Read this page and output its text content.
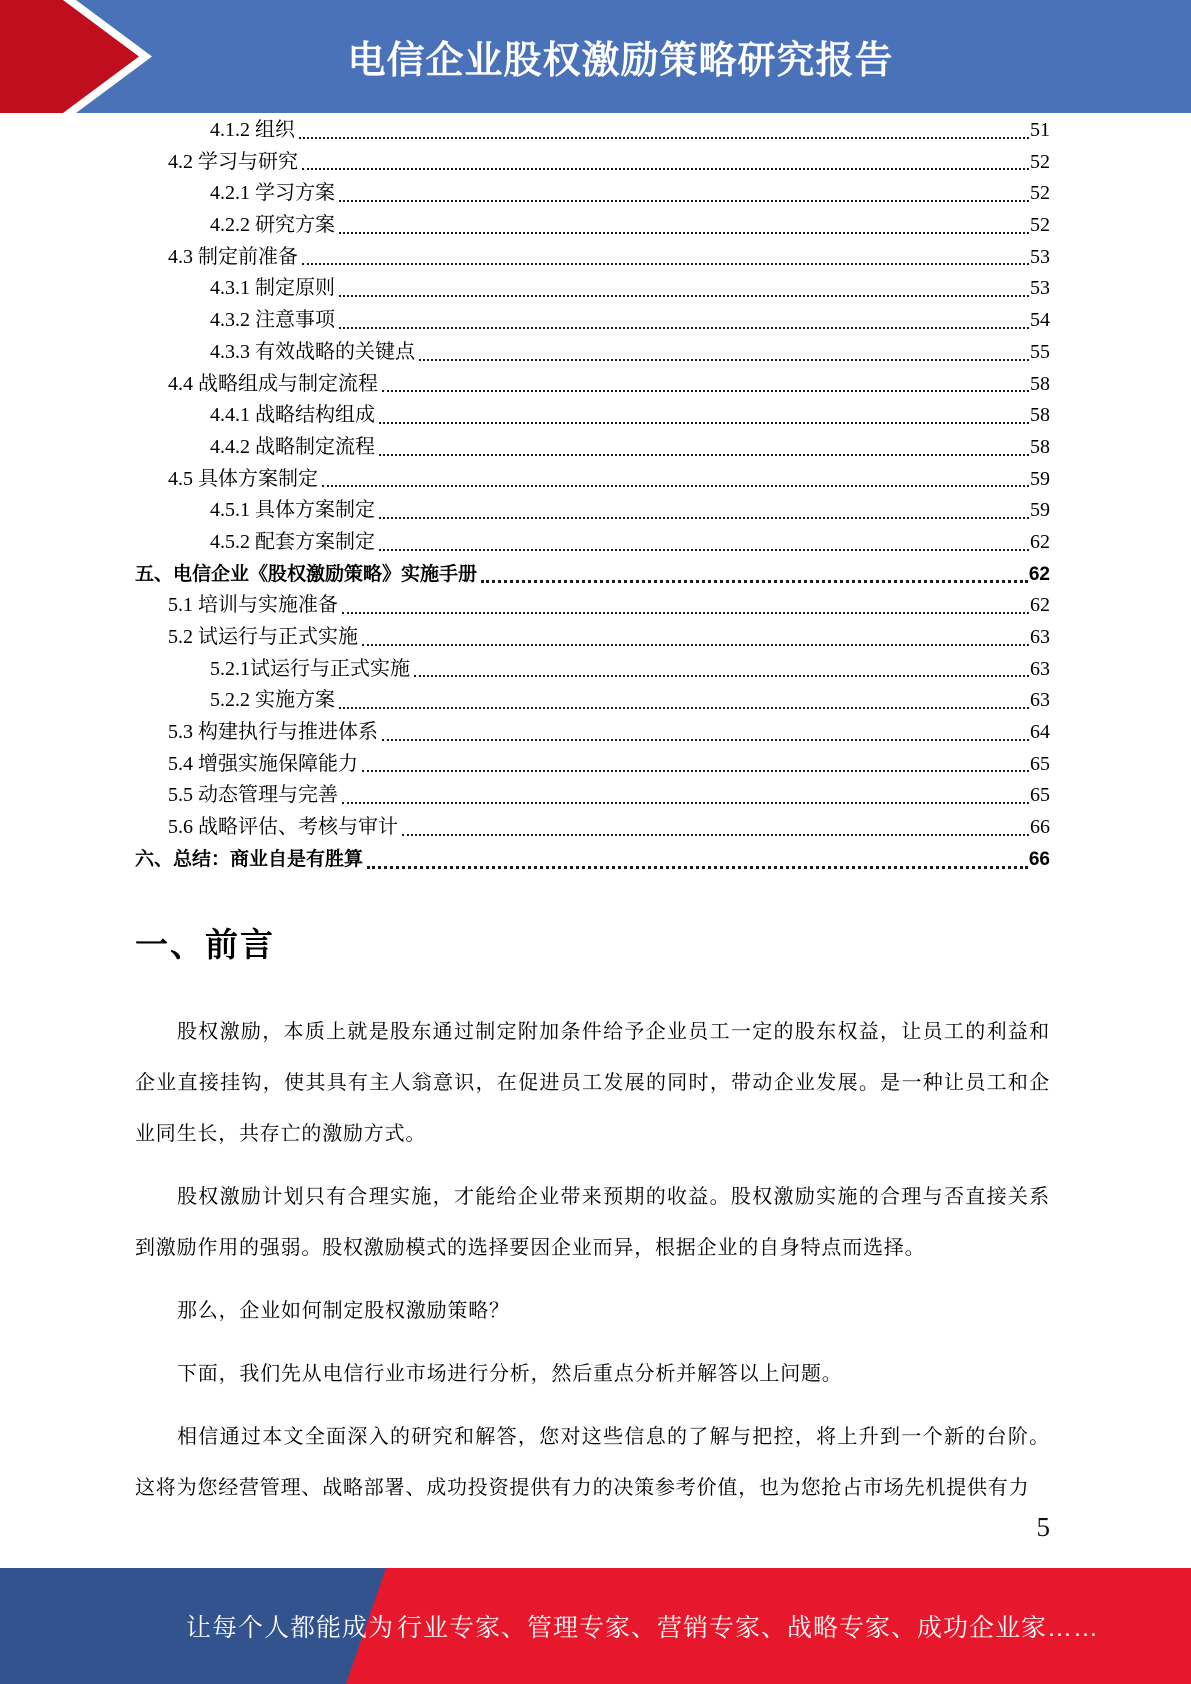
电信企业股权激励策略研究报告
4.1.2 组织	51
4.2 学习与研究	52
4.2.1 学习方案	52
4.2.2 研究方案	52
4.3 制定前准备	53
4.3.1 制定原则	53
4.3.2 注意事项	54
4.3.3 有效战略的关键点	55
4.4 战略组成与制定流程	58
4.4.1 战略结构组成	58
4.4.2 战略制定流程	58
4.5 具体方案制定	59
4.5.1 具体方案制定	59
4.5.2 配套方案制定	62
五、电信企业《股权激励策略》实施手册	62
5.1 培训与实施准备	62
5.2 试运行与正式实施	63
5.2.1试运行与正式实施	63
5.2.2 实施方案	63
5.3 构建执行与推进体系	64
5.4 增强实施保障能力	65
5.5 动态管理与完善	65
5.6 战略评估、考核与审计	66
六、总结：商业自是有胜算	66
一、前言

股权激励，本质上就是股东通过制定附加条件给予企业员工一定的股东权益，让员工的利益和企业直接挂钩，使其具有主人翁意识，在促进员工发展的同时，带动企业发展。是一种让员工和企业同生长，共存亡的激励方式。

股权激励计划只有合理实施，才能给企业带来预期的收益。股权激励实施的合理与否直接关系到激励作用的强弱。股权激励模式的选择要因企业而异，根据企业的自身特点而选择。

那么，企业如何制定股权激励策略？

下面，我们先从电信行业市场进行分析，然后重点分析并解答以上问题。

相信通过本文全面深入的研究和解答，您对这些信息的了解与把控，将上升到一个新的台阶。这将为您经营管理、战略部署、成功投资提供有力的决策参考价值，也为您抢占市场先机提供有力

5
让每个人都能成为 行业专家、管理专家、营销专家、战略专家、成功企业家……
